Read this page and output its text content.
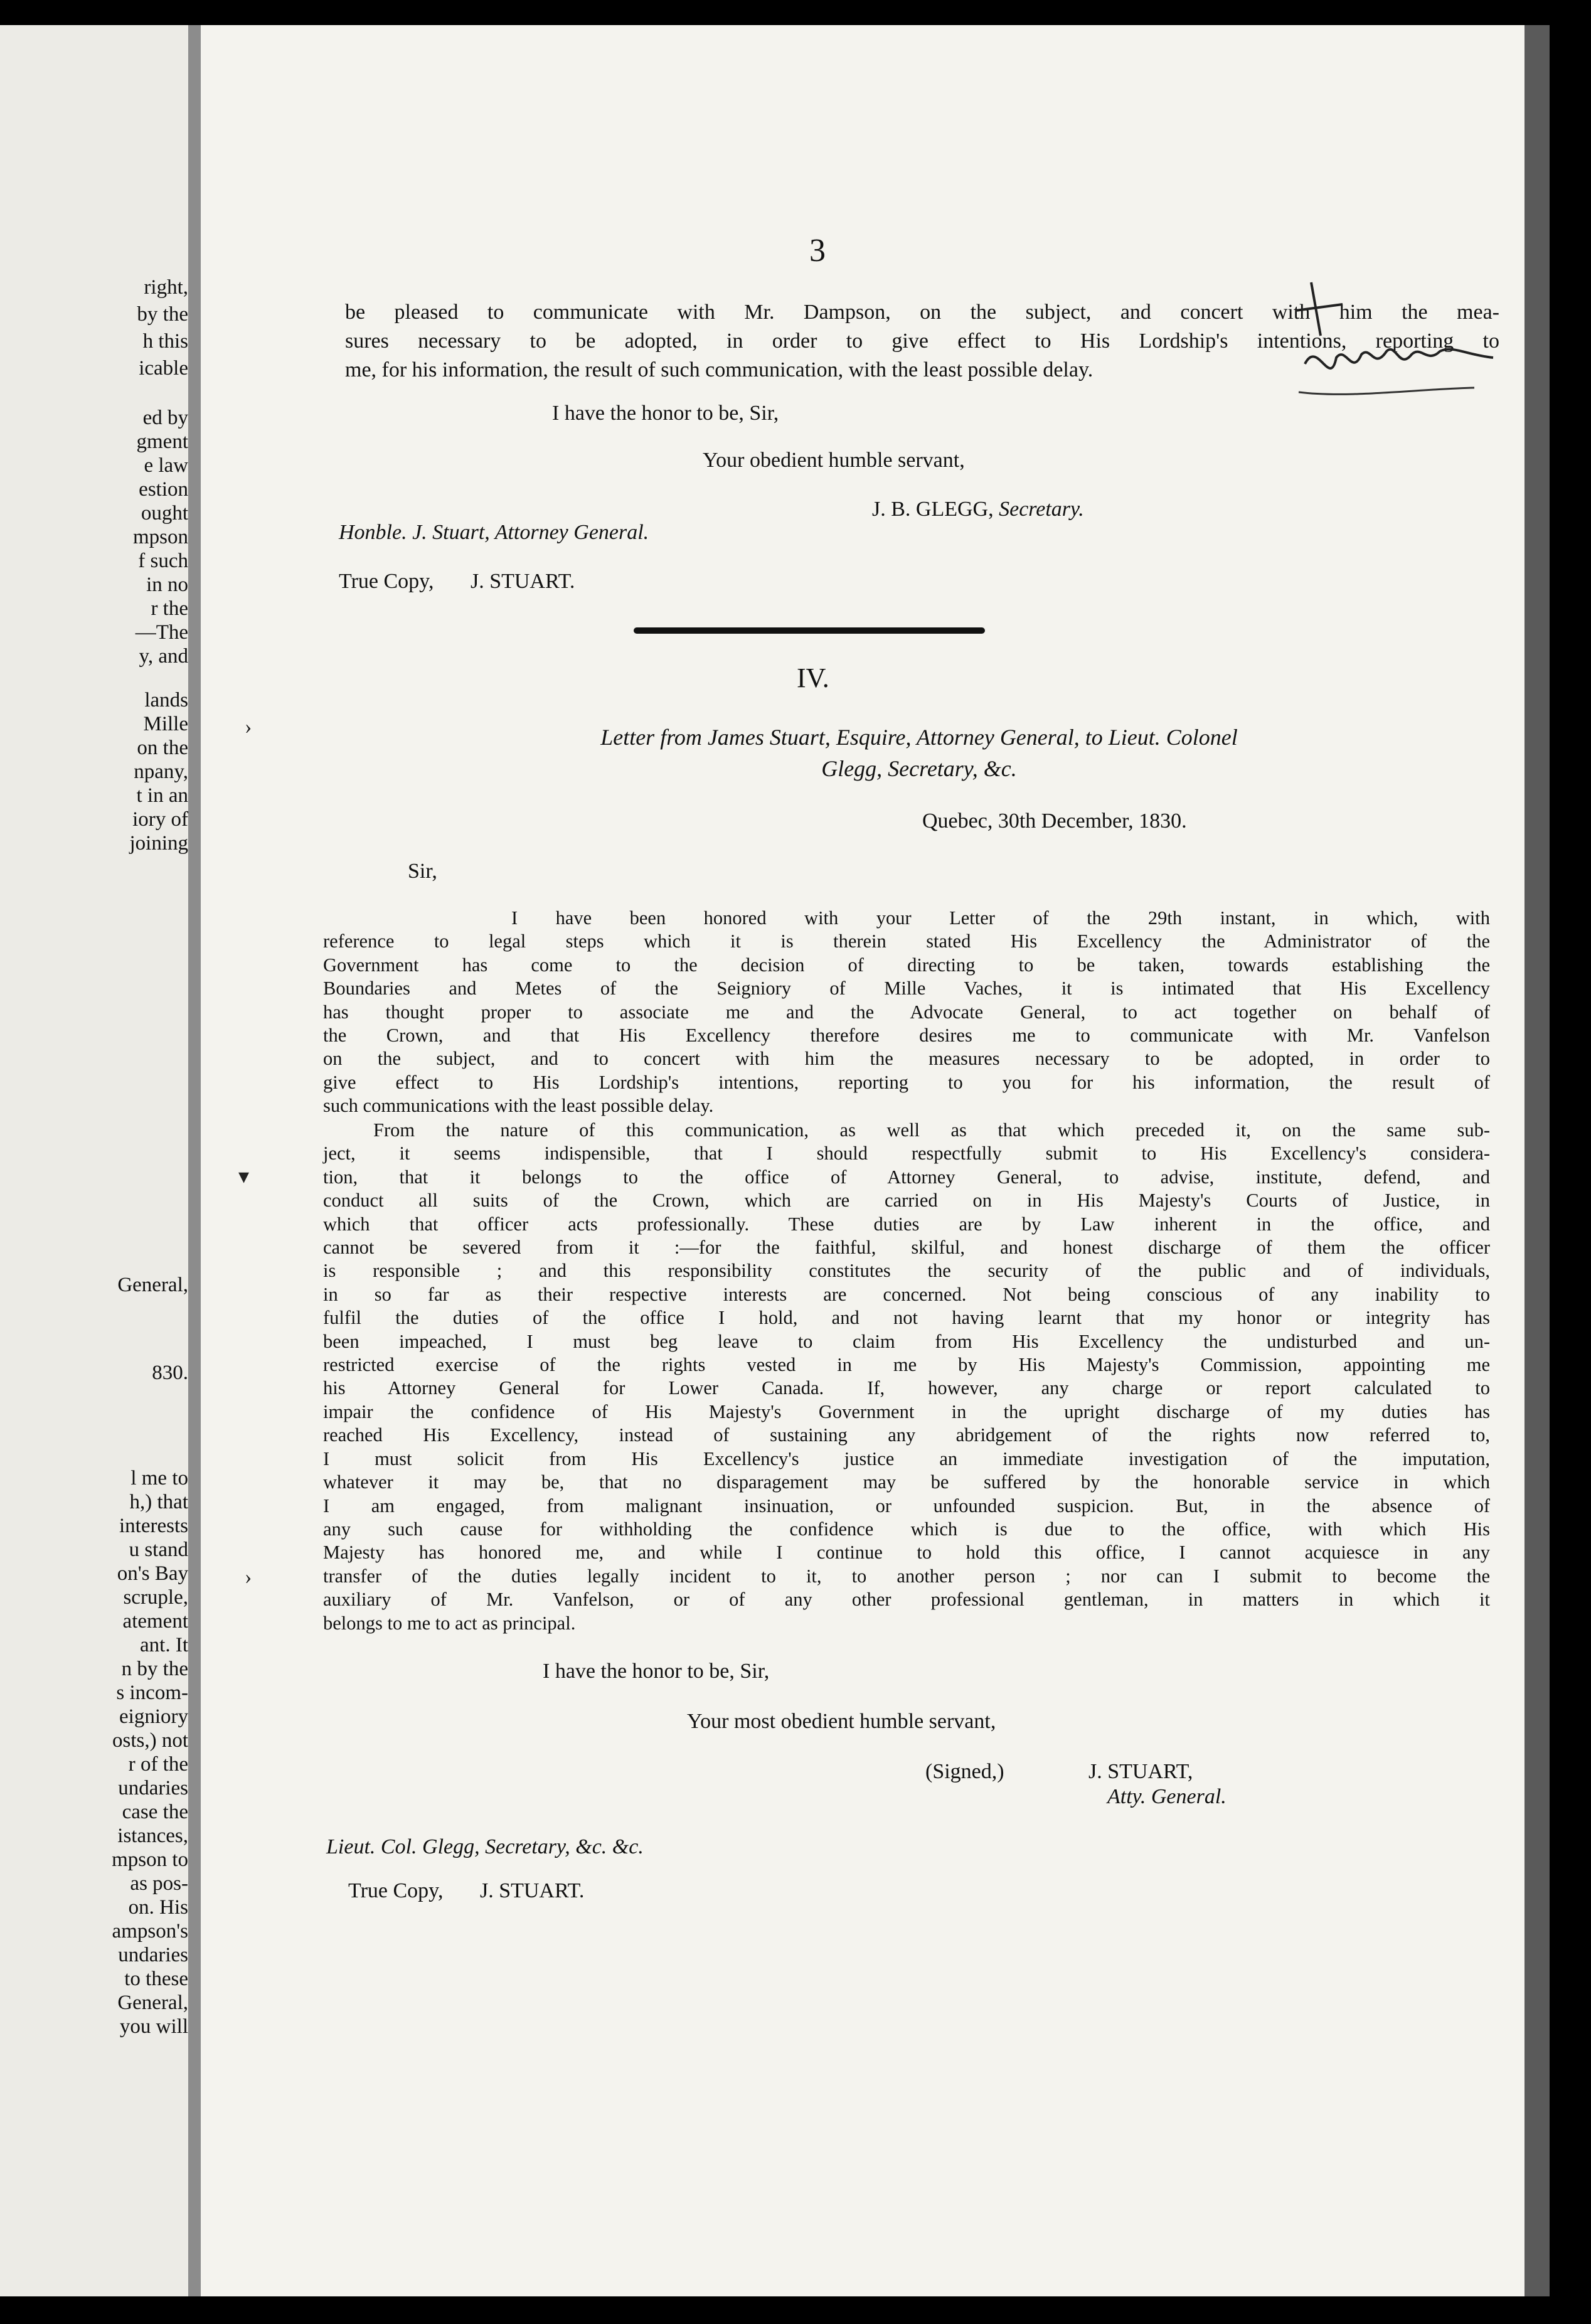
right,
by the
h this
icable
ed by
gment
e law
estion
ought
mpson
f such
in no
r the
—The
y, and
lands
Mille
on the
npany,
t in an
iory of
joining
General,
830.
l me to
h,) that
interests
u stand
on's Bay
scruple,
atement
ant. It
n by the
s incom-
eigniory
osts,) not
r of the
undaries
case the
istances,
mpson to
as pos-
on. His
ampson's
undaries
to these
General,
you will
3
be pleased to communicate with Mr. Dampson, on the subject, and concert with him the mea-
sures necessary to be adopted, in order to give effect to His Lordship's intentions, reporting to
me, for his information, the result of such communication, with the least possible delay.
I have the honor to be, Sir,
Your obedient humble servant,
J. B. GLEGG, Secretary.
Honble. J. Stuart, Attorney General.
True Copy, J. STUART.
IV.
Letter from James Stuart, Esquire, Attorney General, to Lieut. Colonel
Glegg, Secretary, &c.
Quebec, 30th December, 1830.
Sir,
I have been honored with your Letter of the 29th instant, in which, with
reference to legal steps which it is therein stated His Excellency the Administrator of the
Government has come to the decision of directing to be taken, towards establishing the
Boundaries and Metes of the Seigniory of Mille Vaches, it is intimated that His Excellency
has thought proper to associate me and the Advocate General, to act together on behalf of
the Crown, and that His Excellency therefore desires me to communicate with Mr. Vanfelson
on the subject, and to concert with him the measures necessary to be adopted, in order to
give effect to His Lordship's intentions, reporting to you for his information, the result of
such communications with the least possible delay.
From the nature of this communication, as well as that which preceded it, on the same sub-
ject, it seems indispensible, that I should respectfully submit to His Excellency's considera-
tion, that it belongs to the office of Attorney General, to advise, institute, defend, and
conduct all suits of the Crown, which are carried on in His Majesty's Courts of Justice, in
which that officer acts professionally. These duties are by Law inherent in the office, and
cannot be severed from it :—for the faithful, skilful, and honest discharge of them the officer
is responsible ; and this responsibility constitutes the security of the public and of individuals,
in so far as their respective interests are concerned. Not being conscious of any inability to
fulfil the duties of the office I hold, and not having learnt that my honor or integrity has
been impeached, I must beg leave to claim from His Excellency the undisturbed and un-
restricted exercise of the rights vested in me by His Majesty's Commission, appointing me
his Attorney General for Lower Canada. If, however, any charge or report calculated to
impair the confidence of His Majesty's Government in the upright discharge of my duties has
reached His Excellency, instead of sustaining any abridgement of the rights now referred to,
I must solicit from His Excellency's justice an immediate investigation of the imputation,
whatever it may be, that no disparagement may be suffered by the honorable service in which
I am engaged, from malignant insinuation, or unfounded suspicion. But, in the absence of
any such cause for withholding the confidence which is due to the office, with which His
Majesty has honored me, and while I continue to hold this office, I cannot acquiesce in any
transfer of the duties legally incident to it, to another person ; nor can I submit to become the
auxiliary of Mr. Vanfelson, or of any other professional gentleman, in matters in which it
belongs to me to act as principal.
I have the honor to be, Sir,
Your most obedient humble servant,
(Signed,)	J. STUART,
Atty. General.
Lieut. Col. Glegg, Secretary, &c. &c.
True Copy, J. STUART.
›
▾
›
